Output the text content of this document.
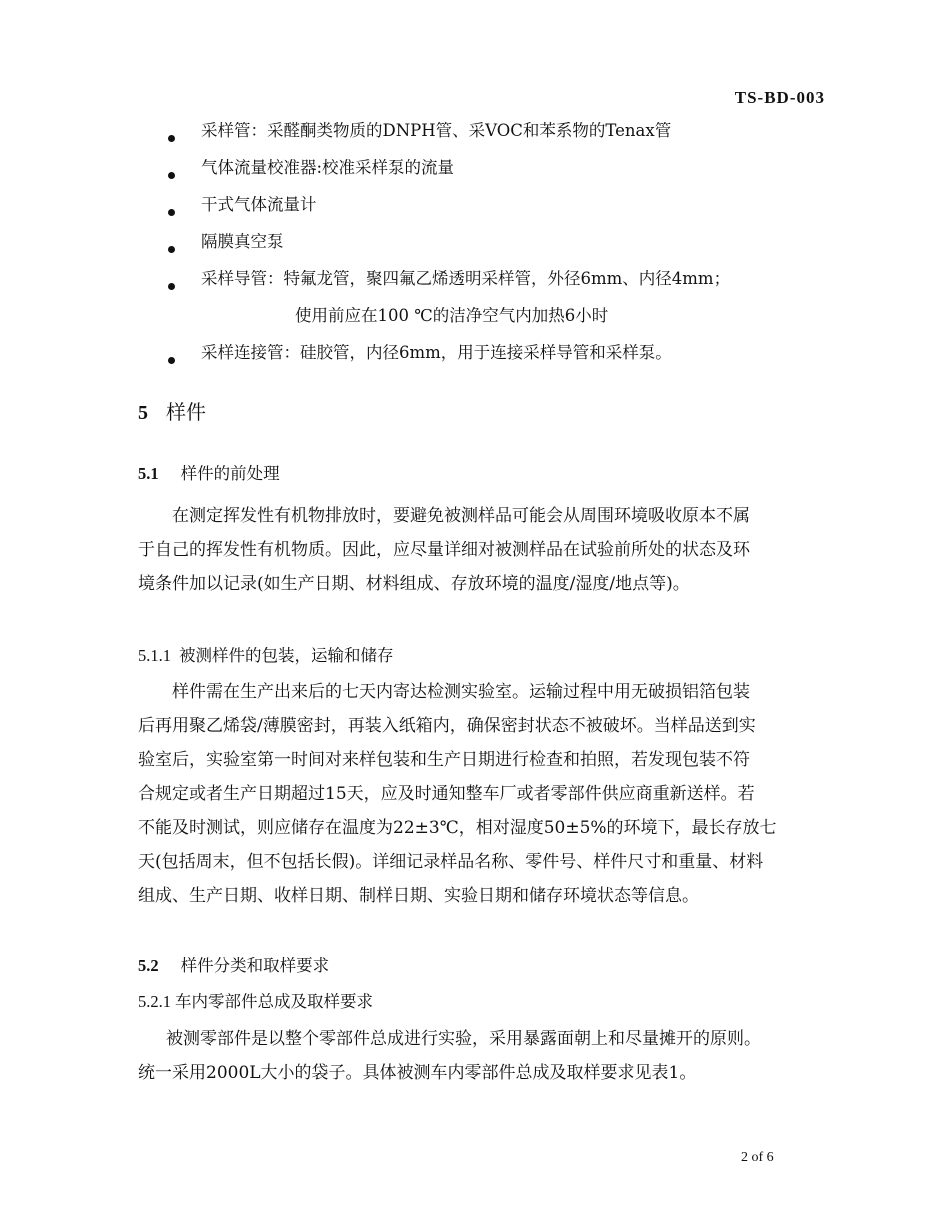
TS-BD-003
采样管：采醛酮类物质的DNPH管、采VOC和苯系物的Tenax管
气体流量校准器:校准采样泵的流量
干式气体流量计
隔膜真空泵
采样导管：特氟龙管，聚四氟乙烯透明采样管，外径6mm、内径4mm；
使用前应在100 ℃的洁净空气内加热6小时
采样连接管：硅胶管，内径6mm，用于连接采样导管和采样泵。
5 样件
5.1 样件的前处理
在测定挥发性有机物排放时，要避免被测样品可能会从周围环境吸收原本不属
于自己的挥发性有机物质。因此，应尽量详细对被测样品在试验前所处的状态及环
境条件加以记录(如生产日期、材料组成、存放环境的温度/湿度/地点等)。
5.1.1 被测样件的包装，运输和储存
样件需在生产出来后的七天内寄达检测实验室。运输过程中用无破损铝箔包装
后再用聚乙烯袋/薄膜密封，再装入纸箱内，确保密封状态不被破坏。当样品送到实
验室后，实验室第一时间对来样包装和生产日期进行检查和拍照，若发现包装不符
合规定或者生产日期超过15天，应及时通知整车厂或者零部件供应商重新送样。若
不能及时测试，则应储存在温度为22±3℃，相对湿度50±5%的环境下，最长存放七
天(包括周末，但不包括长假)。详细记录样品名称、零件号、样件尺寸和重量、材料
组成、生产日期、收样日期、制样日期、实验日期和储存环境状态等信息。
5.2 样件分类和取样要求
5.2.1 车内零部件总成及取样要求
被测零部件是以整个零部件总成进行实验，采用暴露面朝上和尽量摊开的原则。
统一采用2000L大小的袋子。具体被测车内零部件总成及取样要求见表1。
2 of 6
